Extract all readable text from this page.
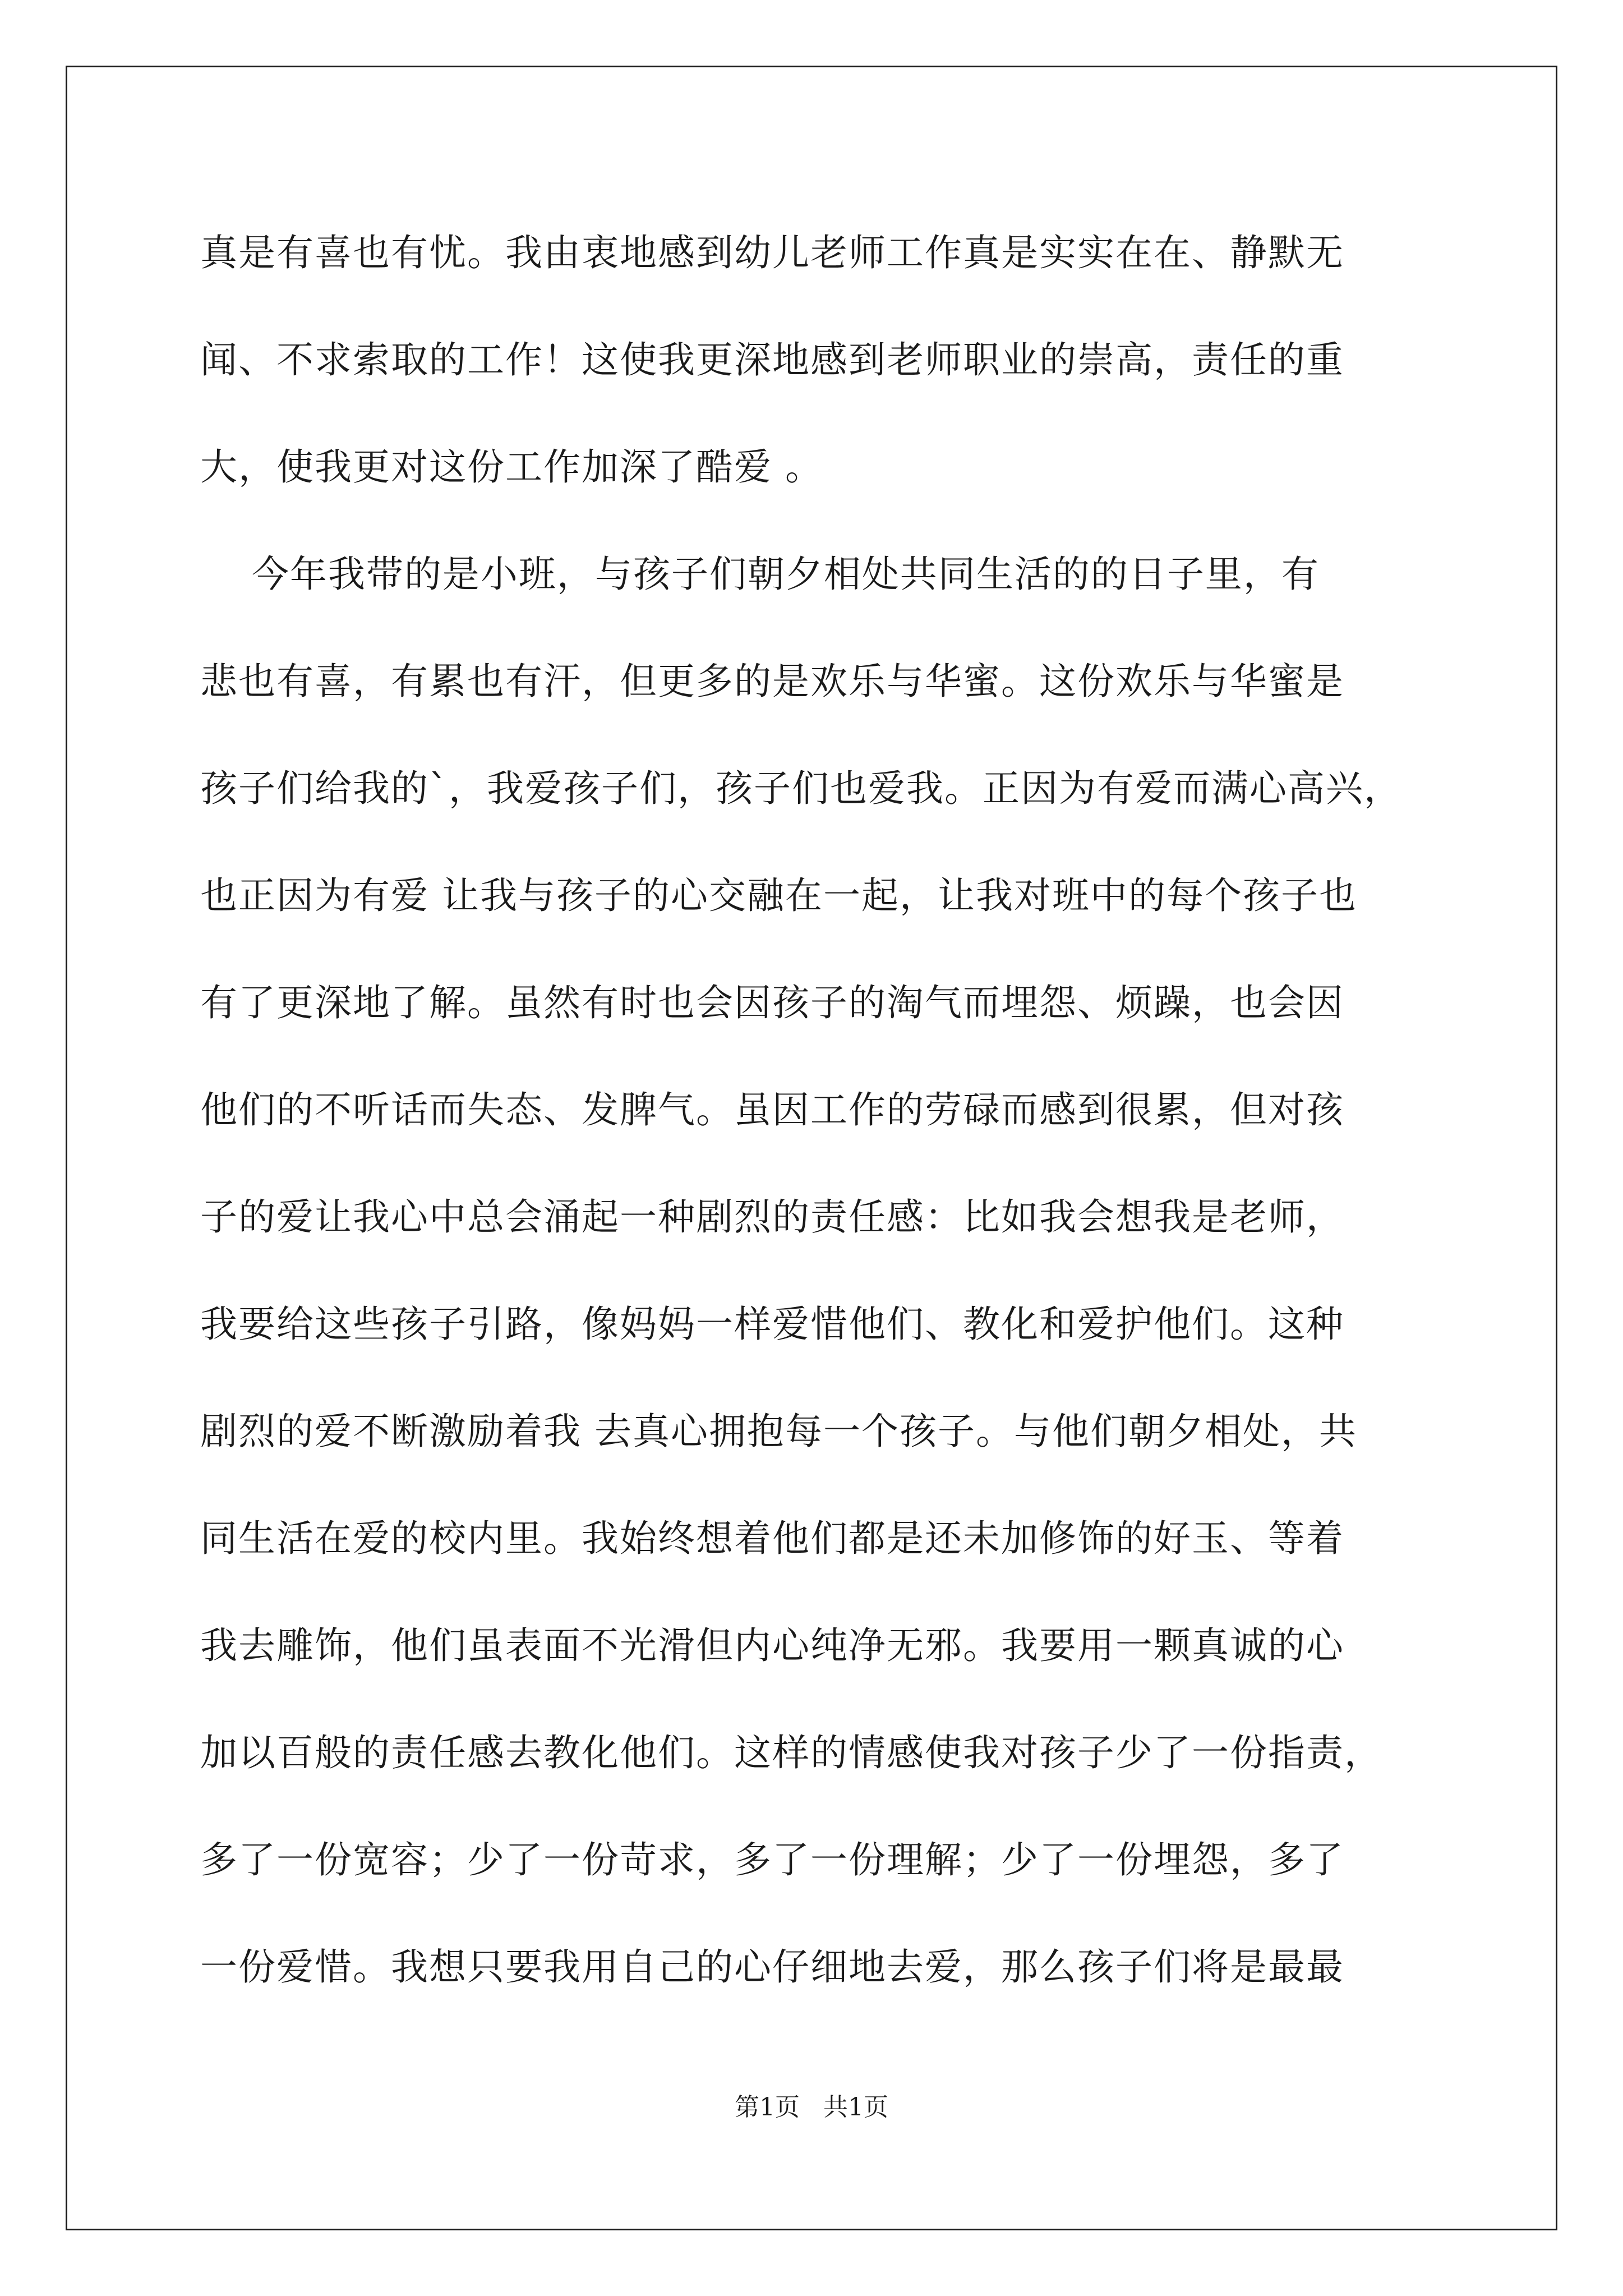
真是有喜也有忧。我由衷地感到幼儿老师工作真是实实在在、静默无
闻、不求索取的工作！这使我更深地感到老师职业的崇高，责任的重
大，使我更对这份工作加深了酷爱 。
今年我带的是小班，与孩子们朝夕相处共同生活的的日子里，有
悲也有喜，有累也有汗，但更多的是欢乐与华蜜。这份欢乐与华蜜是
孩子们给我的`，我爱孩子们，孩子们也爱我。正因为有爱而满心高兴，
也正因为有爱 让我与孩子的心交融在一起，让我对班中的每个孩子也
有了更深地了解。虽然有时也会因孩子的淘气而埋怨、烦躁，也会因
他们的不听话而失态、发脾气。虽因工作的劳碌而感到很累，但对孩
子的爱让我心中总会涌起一种剧烈的责任感：比如我会想我是老师，
我要给这些孩子引路，像妈妈一样爱惜他们、教化和爱护他们。这种
剧烈的爱不断激励着我 去真心拥抱每一个孩子。与他们朝夕相处，共
同生活在爱的校内里。我始终想着他们都是还未加修饰的好玉、等着
我去雕饰，他们虽表面不光滑但内心纯净无邪。我要用一颗真诚的心
加以百般的责任感去教化他们。这样的情感使我对孩子少了一份指责，
多了一份宽容；少了一份苛求，多了一份理解；少了一份埋怨，多了
一份爱惜。我想只要我用自己的心仔细地去爱，那么孩子们将是最最
第1页   共1页
